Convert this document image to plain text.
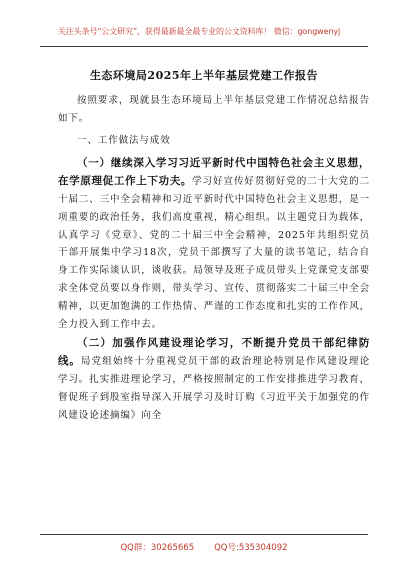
关注头条号“公文研究”，获得最新最全最专业的公文资料库！ 微信：gongwenyj
生态环境局2025年上半年基层党建工作报告

按照要求，现就县生态环境局上半年基层党建工作情况总结报告如下。

一、工作做法与成效

（一）继续深入学习习近平新时代中国特色社会主义思想，在学原理促工作上下功夫。学习好宣传好贯彻好党的二十大党的二十届二、三中全会精神和习近平新时代中国特色社会主义思想，是一项重要的政治任务，我们高度重视，精心组织。以主题党日为载体，认真学习《党章》、党的二十届三中全会精神，2025年共组织党员干部开展集中学习18次，党员干部撰写了大量的读书笔记，结合自身工作实际谈认识，谈收获。局领导及班子成员带头上党课党支部要求全体党员要以身作则，带头学习、宣传、贯彻落实二十届三中全会精神，以更加饱满的工作热情、严谨的工作态度和扎实的工作作风，全力投入到工作中去。

（二）加强作风建设理论学习，不断提升党员干部纪律防线。局党组始终十分重视党员干部的政治理论特别是作风建设理论学习。扎实推进理论学习，严格按照制定的工作安排推进学习教育，督促班子到股室指导深入开展学习及时订购《习近平关于加强党的作风建设论述摘编》向全

QQ群：30265665 QQ号:535304092
